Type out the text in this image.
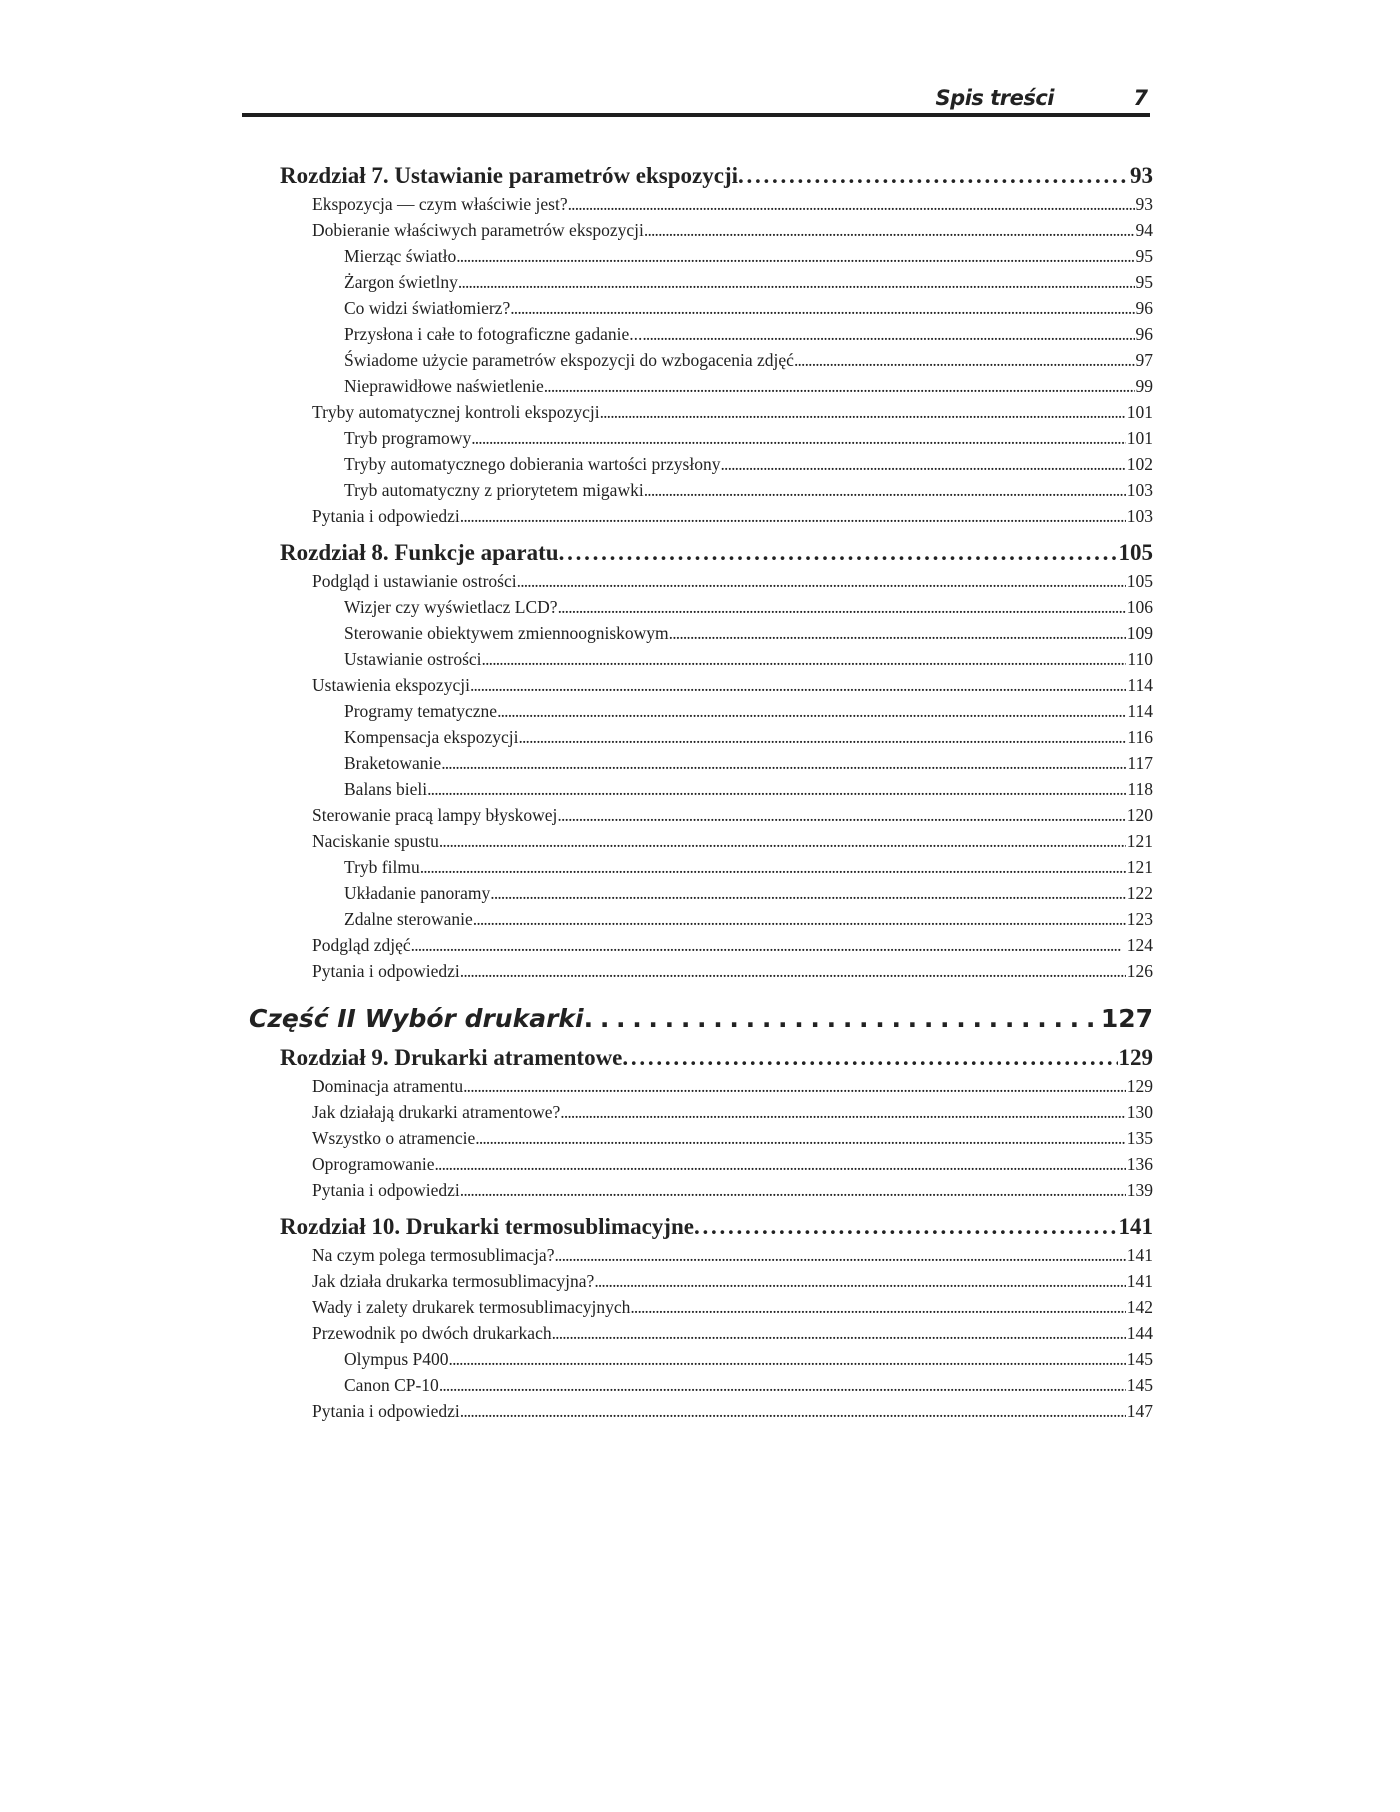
Spis treści	7
Rozdział 7. Ustawianie parametrów ekspozycji . . .	93
Ekspozycja — czym właściwie jest? . . .	93
Dobieranie właściwych parametrów ekspozycji . . .	94
Mierząc światło . . .	95
Żargon świetlny . . .	95
Co widzi światłomierz? . . .	96
Przysłona i całe to fotograficzne gadanie... . . .	96
Świadome użycie parametrów ekspozycji do wzbogacenia zdjęć . . .	97
Nieprawidłowe naświetlenie . . .	99
Tryby automatycznej kontroli ekspozycji . . .	101
Tryb programowy . . .	101
Tryby automatycznego dobierania wartości przysłony . . .	102
Tryb automatyczny z priorytetem migawki . . .	103
Pytania i odpowiedzi . . .	103
Rozdział 8. Funkcje aparatu . . .	105
Podgląd i ustawianie ostrości . . .	105
Wizjer czy wyświetlacz LCD? . . .	106
Sterowanie obiektywem zmiennoogniskowym . . .	109
Ustawianie ostrości . . .	110
Ustawienia ekspozycji . . .	114
Programy tematyczne . . .	114
Kompensacja ekspozycji . . .	116
Braketowanie . . .	117
Balans bieli . . .	118
Sterowanie pracą lampy błyskowej . . .	120
Naciskanie spustu . . .	121
Tryb filmu . . .	121
Układanie panoramy . . .	122
Zdalne sterowanie . . .	123
Podgląd zdjęć . . .	124
Pytania i odpowiedzi . . .	126
Część II Wybór drukarki . . .	127
Rozdział 9. Drukarki atramentowe . . .	129
Dominacja atramentu . . .	129
Jak działają drukarki atramentowe? . . .	130
Wszystko o atramencie . . .	135
Oprogramowanie . . .	136
Pytania i odpowiedzi . . .	139
Rozdział 10. Drukarki termosublimacyjne . . .	141
Na czym polega termosublimacja? . . .	141
Jak działa drukarka termosublimacyjna? . . .	141
Wady i zalety drukarek termosublimacyjnych . . .	142
Przewodnik po dwóch drukarkach . . .	144
Olympus P400 . . .	145
Canon CP-10 . . .	145
Pytania i odpowiedzi . . .	147
